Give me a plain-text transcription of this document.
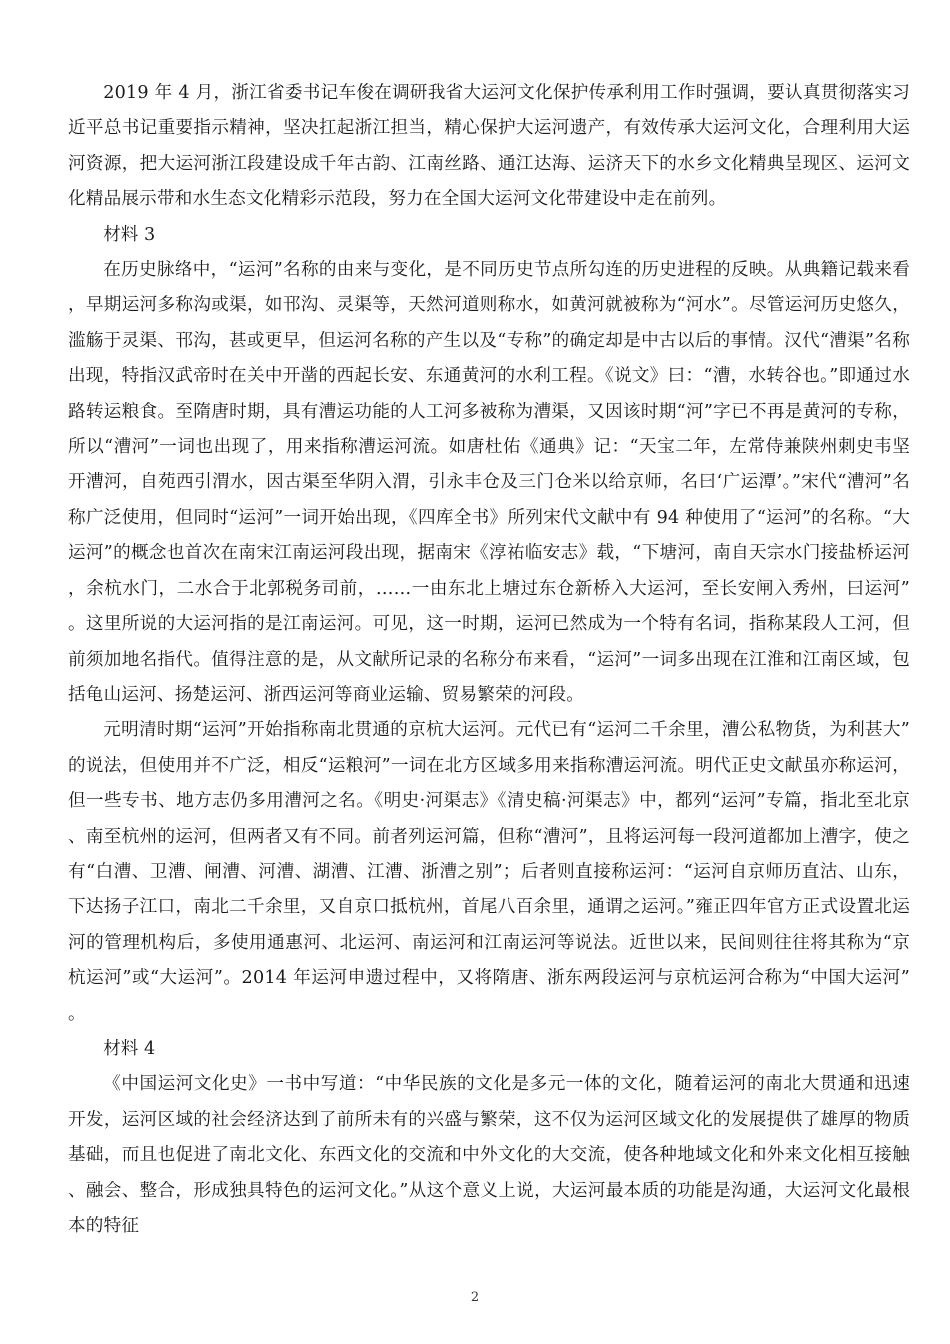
2019 年 4 月，浙江省委书记车俊在调研我省大运河文化保护传承利用工作时强调，要认真贯彻落实习近平总书记重要指示精神，坚决扛起浙江担当，精心保护大运河遗产，有效传承大运河文化，合理利用大运河资源，把大运河浙江段建设成千年古韵、江南丝路、通江达海、运济天下的水乡文化精典呈现区、运河文化精品展示带和水生态文化精彩示范段，努力在全国大运河文化带建设中走在前列。

材料 3

在历史脉络中，“运河”名称的由来与变化，是不同历史节点所勾连的历史进程的反映。从典籍记载来看，早期运河多称沟或渠，如邗沟、灵渠等，天然河道则称水，如黄河就被称为“河水”。尽管运河历史悠久，滥觞于灵渠、邗沟，甚或更早，但运河名称的产生以及“专称”的确定却是中古以后的事情。汉代“漕渠”名称出现，特指汉武帝时在关中开凿的西起长安、东通黄河的水利工程。《说文》曰：“漕，水转谷也。”即通过水路转运粮食。至隋唐时期，具有漕运功能的人工河多被称为漕渠，又因该时期“河”字已不再是黄河的专称，所以“漕河”一词也出现了，用来指称漕运河流。如唐杜佑《通典》记：“天宝二年，左常侍兼陕州刺史韦坚开漕河，自苑西引渭水，因古渠至华阴入渭，引永丰仓及三门仓米以给京师，名曰‘广运潭’。”宋代“漕河”名称广泛使用，但同时“运河”一词开始出现，《四库全书》所列宋代文献中有 94 种使用了“运河”的名称。“大运河”的概念也首次在南宋江南运河段出现，据南宋《淳祐临安志》载，“下塘河，南自天宗水门接盐桥运河，余杭水门，二水合于北郭税务司前，……一由东北上塘过东仓新桥入大运河，至长安闸入秀州，曰运河”。这里所说的大运河指的是江南运河。可见，这一时期，运河已然成为一个特有名词，指称某段人工河，但前须加地名指代。值得注意的是，从文献所记录的名称分布来看，“运河”一词多出现在江淮和江南区域，包括龟山运河、扬楚运河、浙西运河等商业运输、贸易繁荣的河段。

元明清时期“运河”开始指称南北贯通的京杭大运河。元代已有“运河二千余里，漕公私物货，为利甚大”的说法，但使用并不广泛，相反“运粮河”一词在北方区域多用来指称漕运河流。明代正史文献虽亦称运河，但一些专书、地方志仍多用漕河之名。《明史·河渠志》《清史稿·河渠志》中，都列“运河”专篇，指北至北京、南至杭州的运河，但两者又有不同。前者列运河篇，但称“漕河”，且将运河每一段河道都加上漕字，使之有“白漕、卫漕、闸漕、河漕、湖漕、江漕、浙漕之别”；后者则直接称运河：“运河自京师历直沽、山东，下达扬子江口，南北二千余里，又自京口抵杭州，首尾八百余里，通谓之运河。”雍正四年官方正式设置北运河的管理机构后，多使用通惠河、北运河、南运河和江南运河等说法。近世以来，民间则往往将其称为“京杭运河”或“大运河”。2014 年运河申遗过程中，又将隋唐、浙东两段运河与京杭运河合称为“中国大运河”。

材料 4

《中国运河文化史》一书中写道：“中华民族的文化是多元一体的文化，随着运河的南北大贯通和迅速开发，运河区域的社会经济达到了前所未有的兴盛与繁荣，这不仅为运河区域文化的发展提供了雄厚的物质基础，而且也促进了南北文化、东西文化的交流和中外文化的大交流，使各种地域文化和外来文化相互接触、融会、整合，形成独具特色的运河文化。”从这个意义上说，大运河最本质的功能是沟通，大运河文化最根本的特征

2
